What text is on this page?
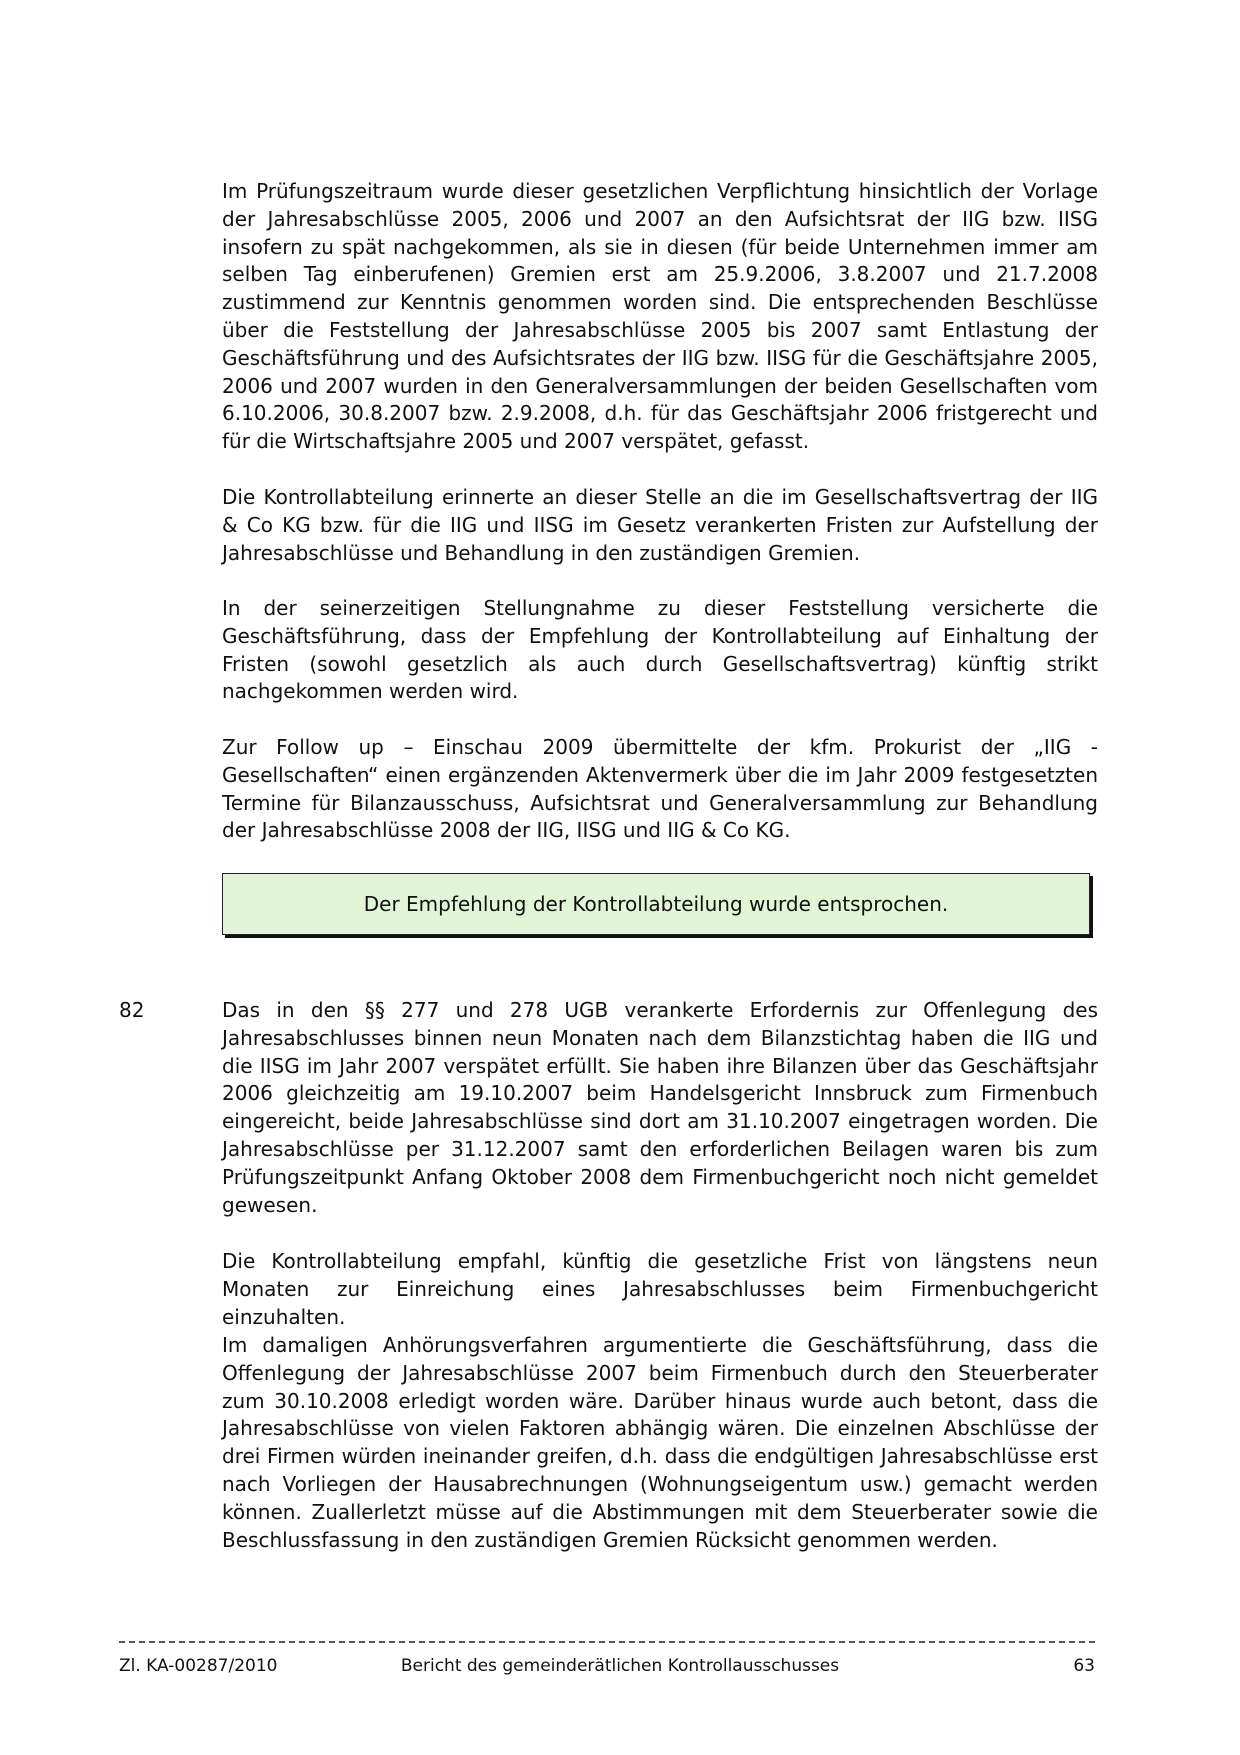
Im Prüfungszeitraum wurde dieser gesetzlichen Verpflichtung hinsichtlich der Vorlage der Jahresabschlüsse 2005, 2006 und 2007 an den Aufsichtsrat der IIG bzw. IISG insofern zu spät nachgekommen, als sie in diesen (für beide Unternehmen immer am selben Tag einberufenen) Gremien erst am 25.9.2006, 3.8.2007 und 21.7.2008 zustimmend zur Kenntnis genommen worden sind. Die entsprechenden Beschlüsse über die Feststellung der Jahresabschlüsse 2005 bis 2007 samt Entlastung der Geschäftsführung und des Aufsichtsrates der IIG bzw. IISG für die Geschäftsjahre 2005, 2006 und 2007 wurden in den Generalversammlungen der beiden Gesellschaften vom 6.10.2006, 30.8.2007 bzw. 2.9.2008, d.h. für das Geschäftsjahr 2006 fristgerecht und für die Wirtschaftsjahre 2005 und 2007 verspätet, gefasst.

Die Kontrollabteilung erinnerte an dieser Stelle an die im Gesellschaftsvertrag der IIG & Co KG bzw. für die IIG und IISG im Gesetz verankerten Fristen zur Aufstellung der Jahresabschlüsse und Behandlung in den zuständigen Gremien.

In der seinerzeitigen Stellungnahme zu dieser Feststellung versicherte die Geschäftsführung, dass der Empfehlung der Kontrollabteilung auf Einhaltung der Fristen (sowohl gesetzlich als auch durch Gesellschaftsvertrag) künftig strikt nachgekommen werden wird.

Zur Follow up – Einschau 2009 übermittelte der kfm. Prokurist der „IIG - Gesellschaften“ einen ergänzenden Aktenvermerk über die im Jahr 2009 festgesetzten Termine für Bilanzausschuss, Aufsichtsrat und Generalversammlung zur Behandlung der Jahresabschlüsse 2008 der IIG, IISG und IIG & Co KG.

Der Empfehlung der Kontrollabteilung wurde entsprochen.

82	Das in den §§ 277 und 278 UGB verankerte Erfordernis zur Offenlegung des Jahresabschlusses binnen neun Monaten nach dem Bilanzstichtag haben die IIG und die IISG im Jahr 2007 verspätet erfüllt. Sie haben ihre Bilanzen über das Geschäftsjahr 2006 gleichzeitig am 19.10.2007 beim Handelsgericht Innsbruck zum Firmenbuch eingereicht, beide Jahresabschlüsse sind dort am 31.10.2007 eingetragen worden. Die Jahresabschlüsse per 31.12.2007 samt den erforderlichen Beilagen waren bis zum Prüfungszeitpunkt Anfang Oktober 2008 dem Firmenbuchgericht noch nicht gemeldet gewesen.

Die Kontrollabteilung empfahl, künftig die gesetzliche Frist von längstens neun Monaten zur Einreichung eines Jahresabschlusses beim Firmenbuchgericht einzuhalten.

Im damaligen Anhörungsverfahren argumentierte die Geschäftsführung, dass die Offenlegung der Jahresabschlüsse 2007 beim Firmenbuch durch den Steuerberater zum 30.10.2008 erledigt worden wäre. Darüber hinaus wurde auch betont, dass die Jahresabschlüsse von vielen Faktoren abhängig wären. Die einzelnen Abschlüsse der drei Firmen würden ineinander greifen, d.h. dass die endgültigen Jahresabschlüsse erst nach Vorliegen der Hausabrechnungen (Wohnungseigentum usw.) gemacht werden können. Zuallerletzt müsse auf die Abstimmungen mit dem Steuerberater sowie die Beschlussfassung in den zuständigen Gremien Rücksicht genommen werden.

Zl. KA-00287/2010	Bericht des gemeinderätlichen Kontrollausschusses	63
